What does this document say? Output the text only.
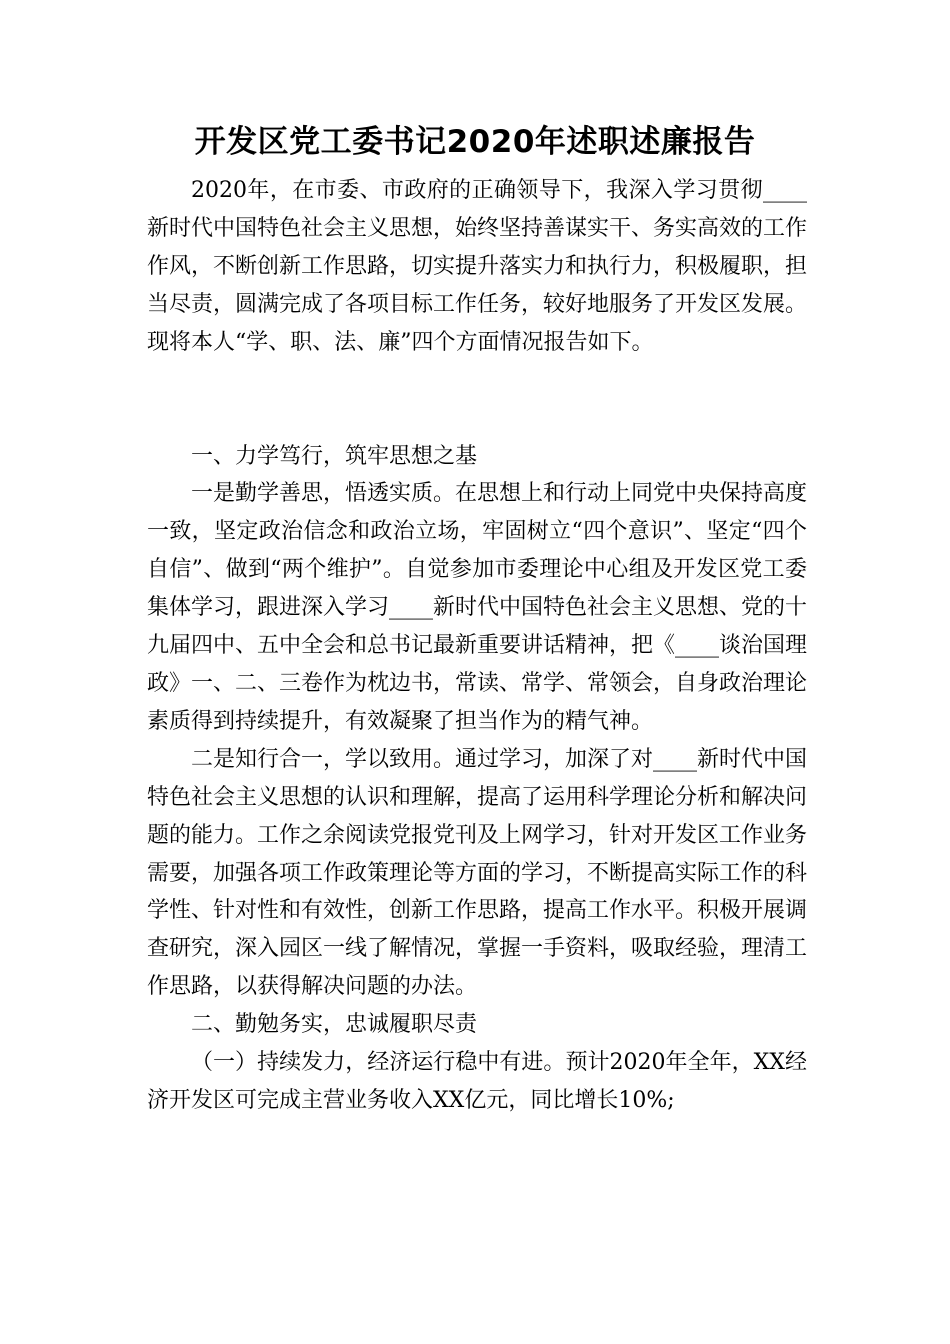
开发区党工委书记2020年述职述廉报告

2020年，在市委、市政府的正确领导下，我深入学习贯彻____新时代中国特色社会主义思想，始终坚持善谋实干、务实高效的工作作风，不断创新工作思路，切实提升落实力和执行力，积极履职，担当尽责，圆满完成了各项目标工作任务，较好地服务了开发区发展。现将本人“学、职、法、廉”四个方面情况报告如下。

一、力学笃行，筑牢思想之基

一是勤学善思，悟透实质。在思想上和行动上同党中央保持高度一致，坚定政治信念和政治立场，牢固树立“四个意识”、坚定“四个自信”、做到“两个维护”。自觉参加市委理论中心组及开发区党工委集体学习，跟进深入学习____新时代中国特色社会主义思想、党的十九届四中、五中全会和总书记最新重要讲话精神，把《____谈治国理政》一、二、三卷作为枕边书，常读、常学、常领会，自身政治理论素质得到持续提升，有效凝聚了担当作为的精气神。

二是知行合一，学以致用。通过学习，加深了对____新时代中国特色社会主义思想的认识和理解，提高了运用科学理论分析和解决问题的能力。工作之余阅读党报党刊及上网学习，针对开发区工作业务需要，加强各项工作政策理论等方面的学习，不断提高实际工作的科学性、针对性和有效性，创新工作思路，提高工作水平。积极开展调查研究，深入园区一线了解情况，掌握一手资料，吸取经验，理清工作思路，以获得解决问题的办法。

二、勤勉务实，忠诚履职尽责

（一）持续发力，经济运行稳中有进。预计2020年全年，XX经济开发区可完成主营业务收入XX亿元，同比增长10%;
